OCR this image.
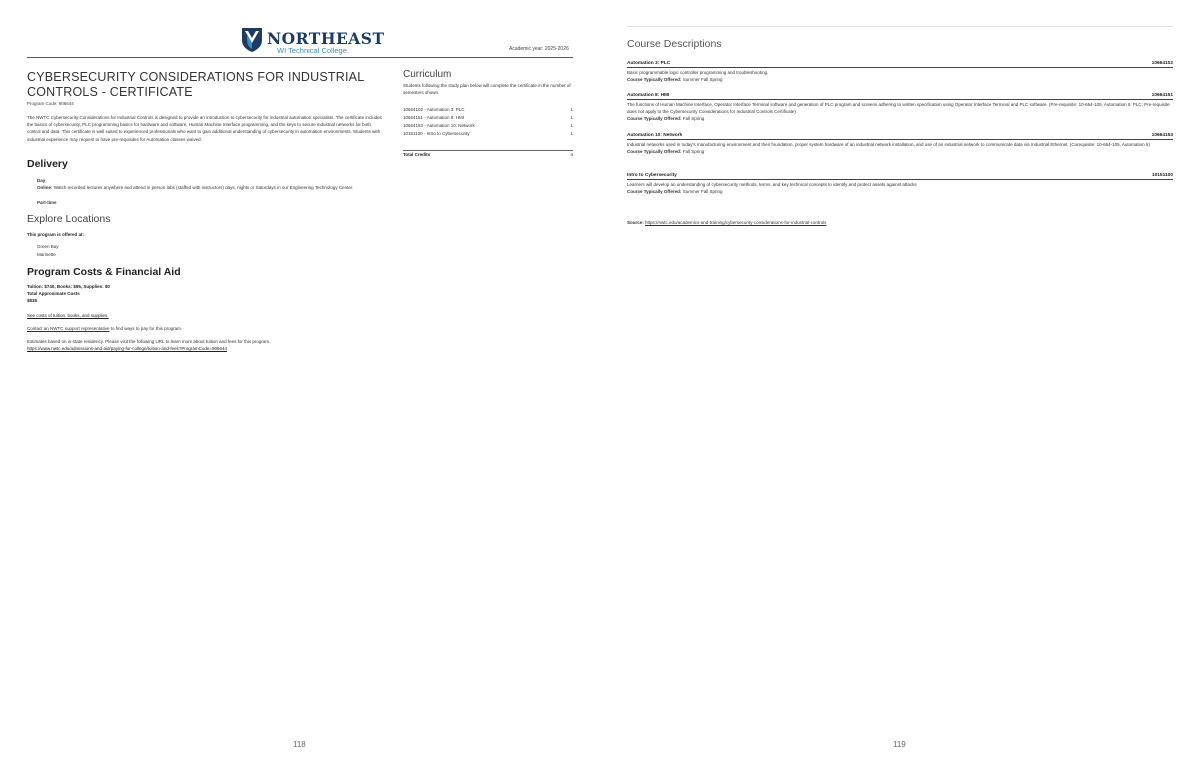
NORTHEAST
WI Technical College.	Academic year: 2025-2026
CYBERSECURITY CONSIDERATIONS FOR INDUSTRIAL CONTROLS - CERTIFICATE
Program Code: 906644
The NWTC Cybersecurity Considerations for Industrial Controls is designed to provide an introduction to cybersecurity for industrial automation specialists. The certificate includes the basics of cybersecurity, PLC programming basics for hardware and software, Human Machine Interface programming, and the keys to secure industrial networks for both control and data. This certificate is well suited to experienced professionals who want to gain additional understanding of cybersecurity in automation environments. Students with industrial experience may request to have pre-requisites for Automation classes waived.
Delivery
Day
Online: Watch recorded lectures anywhere and attend in person labs (staffed with instructors) days, nights or Saturdays in our Engineering Technology Center.
Part-time
Explore Locations
This program is offered at:
Green Bay
Marinette
Program Costs & Financial Aid
Tuition: $740, Books: $95, Supplies: $0
Total Approximate Costs
$835
See costs of tuition, books, and supplies.
Contact an NWTC support representative to find ways to pay for this program.
Estimates based on in-state residency. Please visit the following URL to learn more about tuition and fees for this program.
https://www.nwtc.edu/admissions-and-aid/paying-for-college/tuition-and-fees?ProgramCode=906644
Curriculum
Students following the study plan below will complete the certificate in the number of semesters shown.
10664102 - Automation 3: PLC	1
10664151 - Automation 8: HMI	1
10664153 - Automation 10: Network	1
10151100 - Intro to Cybersecurity	1
Total Credits	4
118
Course Descriptions
Automation 3: PLC	10664102
Basic programmable logic controller programming and troubleshooting.
Course Typically Offered: Summer Fall Spring
Automation 8: HMI	10664151
The functions of Human Machine Interface, Operator Interface Terminal software and generation of PLC program and screens adhering to written specification using Operator Interface Terminal and PLC software. (Pre-requisite: 10-664-105, Automation 6: PLC; Pre-requisite does not apply to the Cybersecurity Considerations for Industrial Controls Certificate)
Course Typically Offered: Fall Spring
Automation 10: Network	10664153
Industrial networks used in today's manufacturing environment and their foundation, proper system hardware of an industrial network installation, and use of an industrial network to communicate data via Industrial Ethernet. (Corequisite: 10-664-105, Automation 6)
Course Typically Offered: Fall Spring
Intro to Cybersecurity	10151100
Learners will develop an understanding of cybersecurity methods, terms, and key technical concepts to identify and protect assets against attacks
Course Typically Offered: Summer Fall Spring
Source: https://nwtc.edu/academics-and-training/cybersecurity-considerations-for-industrial-controls
119
